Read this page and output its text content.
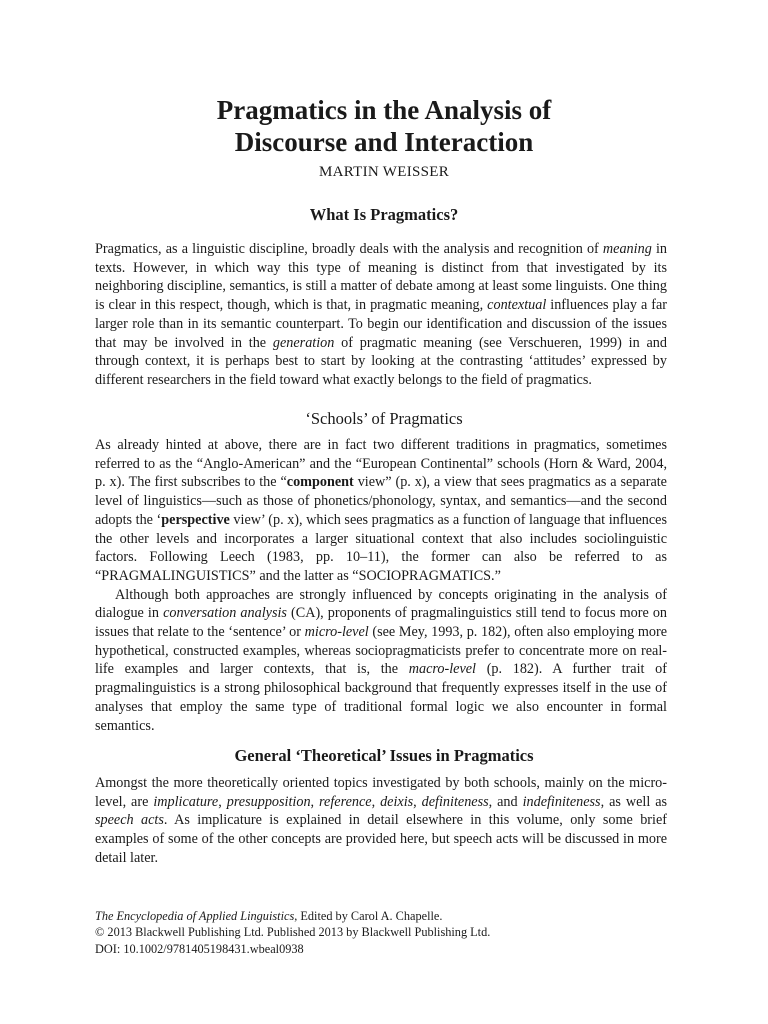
Pragmatics in the Analysis of
Discourse and Interaction
MARTIN WEISSER
What Is Pragmatics?

Pragmatics, as a linguistic discipline, broadly deals with the analysis and recognition of meaning in texts. However, in which way this type of meaning is distinct from that investigated by its neighboring discipline, semantics, is still a matter of debate among at least some linguists. One thing is clear in this respect, though, which is that, in pragmatic meaning, contextual influences play a far larger role than in its semantic counterpart. To begin our identification and discussion of the issues that may be involved in the generation of pragmatic meaning (see Verschueren, 1999) in and through context, it is perhaps best to start by looking at the contrasting ‘attitudes’ expressed by different researchers in the field toward what exactly belongs to the field of pragmatics.

‘Schools’ of Pragmatics

As already hinted at above, there are in fact two different traditions in pragmatics, sometimes referred to as the “Anglo-American” and the “European Continental” schools (Horn & Ward, 2004, p. x). The first subscribes to the “component view” (p. x), a view that sees pragmatics as a separate level of linguistics—such as those of phonetics/phonology, syntax, and semantics—and the second adopts the ‘perspective view’ (p. x), which sees pragmatics as a function of language that influences the other levels and incorporates a larger situational context that also includes sociolinguistic factors. Following Leech (1983, pp. 10–11), the former can also be referred to as “PRAGMALINGUISTICS” and the latter as “SOCIOPRAGMATICS.”

Although both approaches are strongly influenced by concepts originating in the analysis of dialogue in conversation analysis (CA), proponents of pragmalinguistics still tend to focus more on issues that relate to the ‘sentence’ or micro-level (see Mey, 1993, p. 182), often also employing more hypothetical, constructed examples, whereas sociopragmaticists prefer to concentrate more on real-life examples and larger contexts, that is, the macro-level (p. 182). A further trait of pragmalinguistics is a strong philosophical background that frequently expresses itself in the use of analyses that employ the same type of traditional formal logic we also encounter in formal semantics.

General ‘Theoretical’ Issues in Pragmatics

Amongst the more theoretically oriented topics investigated by both schools, mainly on the micro-level, are implicature, presupposition, reference, deixis, definiteness, and indefiniteness, as well as speech acts. As implicature is explained in detail elsewhere in this volume, only some brief examples of some of the other concepts are provided here, but speech acts will be discussed in more detail later.

The Encyclopedia of Applied Linguistics, Edited by Carol A. Chapelle.
© 2013 Blackwell Publishing Ltd. Published 2013 by Blackwell Publishing Ltd.
DOI: 10.1002/9781405198431.wbeal0938
